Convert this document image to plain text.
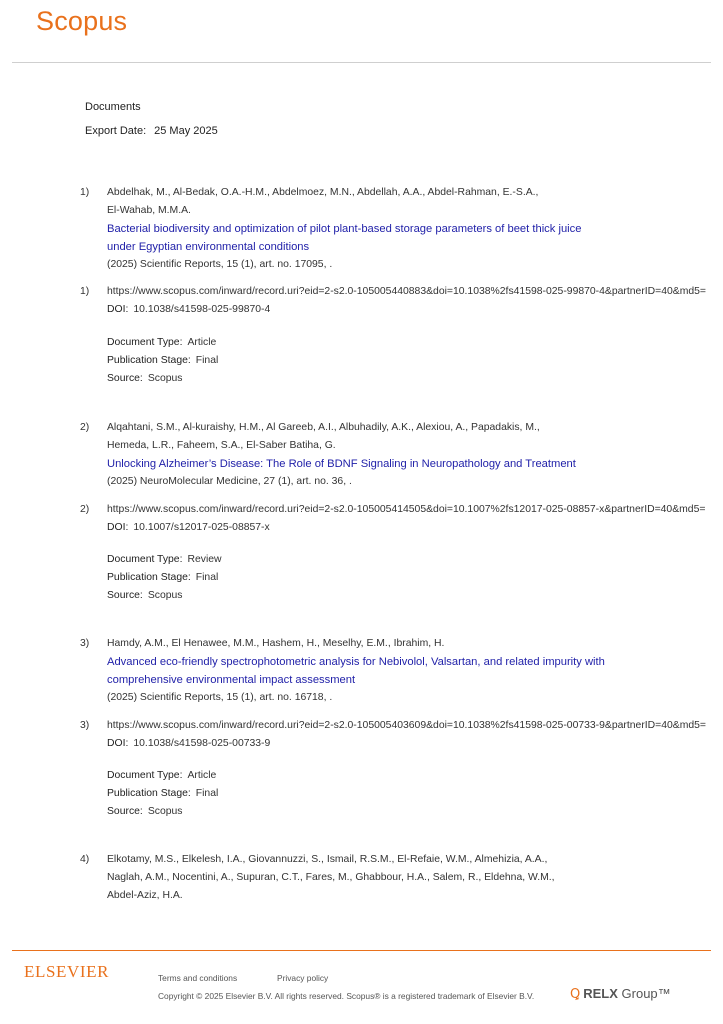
Scopus
Documents
Export Date: 25 May 2025
1) Abdelhak, M., Al-Bedak, O.A.-H.M., Abdelmoez, M.N., Abdellah, A.A., Abdel-Rahman, E.-S.A.,
El-Wahab, M.M.A.
Bacterial biodiversity and optimization of pilot plant-based storage parameters of beet thick juice
under Egyptian environmental conditions
(2025) Scientific Reports, 15 (1), art. no. 17095, .
1) https://www.scopus.com/inward/record.uri?eid=2-s2.0-105005440883&doi=10.1038%2fs41598-025-99870-4&partnerID=40&md5=
DOI: 10.1038/s41598-025-99870-4
Document Type: Article
Publication Stage: Final
Source: Scopus
2) Alqahtani, S.M., Al-kuraishy, H.M., Al Gareeb, A.I., Albuhadily, A.K., Alexiou, A., Papadakis, M.,
Hemeda, L.R., Faheem, S.A., El-Saber Batiha, G.
Unlocking Alzheimer’s Disease: The Role of BDNF Signaling in Neuropathology and Treatment
(2025) NeuroMolecular Medicine, 27 (1), art. no. 36, .
2) https://www.scopus.com/inward/record.uri?eid=2-s2.0-105005414505&doi=10.1007%2fs12017-025-08857-x&partnerID=40&md5=
DOI: 10.1007/s12017-025-08857-x
Document Type: Review
Publication Stage: Final
Source: Scopus
3) Hamdy, A.M., El Henawee, M.M., Hashem, H., Meselhy, E.M., Ibrahim, H.
Advanced eco-friendly spectrophotometric analysis for Nebivolol, Valsartan, and related impurity with
comprehensive environmental impact assessment
(2025) Scientific Reports, 15 (1), art. no. 16718, .
3) https://www.scopus.com/inward/record.uri?eid=2-s2.0-105005403609&doi=10.1038%2fs41598-025-00733-9&partnerID=40&md5=
DOI: 10.1038/s41598-025-00733-9
Document Type: Article
Publication Stage: Final
Source: Scopus
4) Elkotamy, M.S., Elkelesh, I.A., Giovannuzzi, S., Ismail, R.S.M., El-Refaie, W.M., Almehizia, A.A.,
Naglah, A.M., Nocentini, A., Supuran, C.T., Fares, M., Ghabbour, H.A., Salem, R., Eldehna, W.M.,
Abdel-Aziz, H.A.
ELSEVIER	Terms and conditions	Privacy policy
Copyright © 2025 Elsevier B.V. All rights reserved. Scopus® is a registered trademark of Elsevier B.V.	Ꝗ RELX Group™
